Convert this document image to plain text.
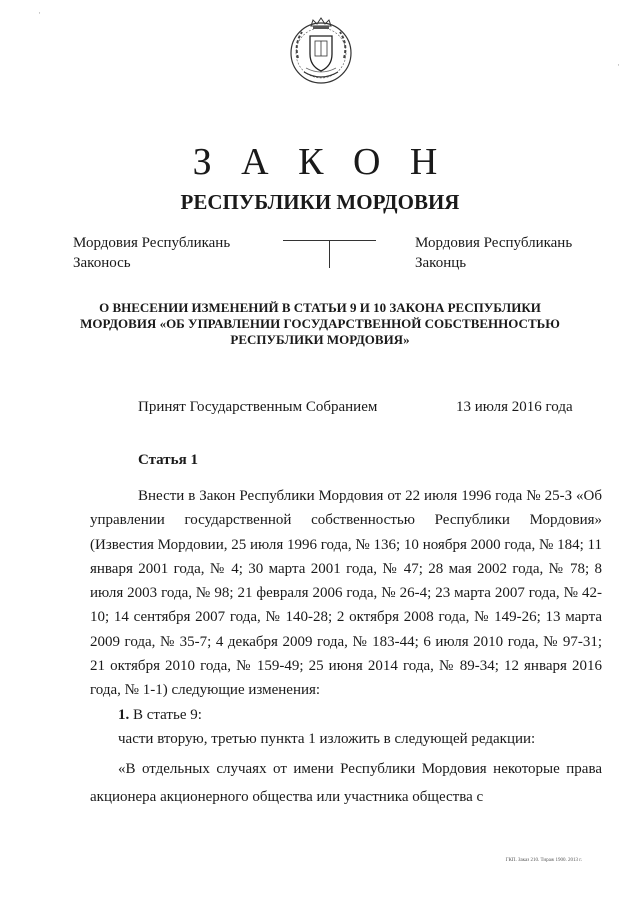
·
·
З А К О Н
РЕСПУБЛИКИ МОРДОВИЯ
Мордовия Республикань
Законось
Мордовия Республикань
Законць
О ВНЕСЕНИИ ИЗМЕНЕНИЙ В СТАТЬИ 9 И 10 ЗАКОНА РЕСПУБЛИКИ
МОРДОВИЯ «ОБ УПРАВЛЕНИИ ГОСУДАРСТВЕННОЙ СОБСТВЕННОСТЬЮ
РЕСПУБЛИКИ МОРДОВИЯ»
Принят Государственным Собранием	13 июля 2016 года
Статья 1

Внести в Закон Республики Мордовия от 22 июля 1996 года № 25-З «Об управлении государственной собственностью Республики Мордовия» (Известия Мордовии, 25 июля 1996 года, № 136; 10 ноября 2000 года, № 184; 11 января 2001 года, № 4; 30 марта 2001 года, № 47; 28 мая 2002 года, № 78; 8 июля 2003 года, № 98; 21 февраля 2006 года, № 26-4; 23 марта 2007 года, № 42-10; 14 сентября 2007 года, № 140-28; 2 октября 2008 года, № 149-26; 13 марта 2009 года, № 35-7; 4 декабря 2009 года, № 183-44; 6 июля 2010 года, № 97-31; 21 октября 2010 года, № 159-49; 25 июня 2014 года, № 89-34; 12 января 2016 года, № 1-1) следующие изменения:

1. В статье 9:

части вторую, третью пункта 1 изложить в следующей редакции:

«В отдельных случаях от имени Республики Мордовия некоторые права акционера акционерного общества или участника общества с

ГКП. Заказ 210. Тираж 1900. 2013 г.
